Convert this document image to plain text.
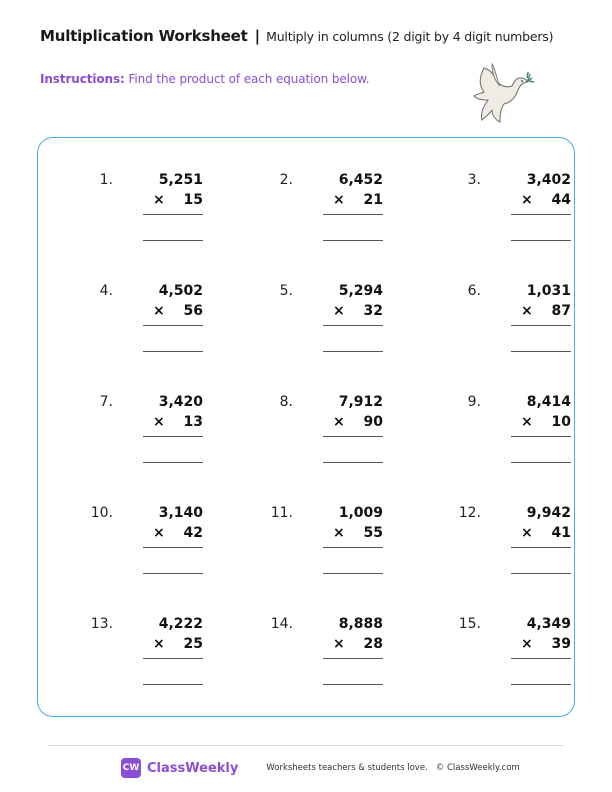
Multiplication Worksheet | Multiply in columns (2 digit by 4 digit numbers)
Instructions: Find the product of each equation below.
1.	5,251
× 15
2.	6,452
× 21
3.	3,402
× 44
4.	4,502
× 56
5.	5,294
× 32
6.	1,031
× 87
7.	3,420
× 13
8.	7,912
× 90
9.	8,414
× 10
10.	3,140
× 42
11.	1,009
× 55
12.	9,942
× 41
13.	4,222
× 25
14.	8,888
× 28
15.	4,349
× 39
CW ClassWeekly	Worksheets teachers & students love. © ClassWeekly.com
